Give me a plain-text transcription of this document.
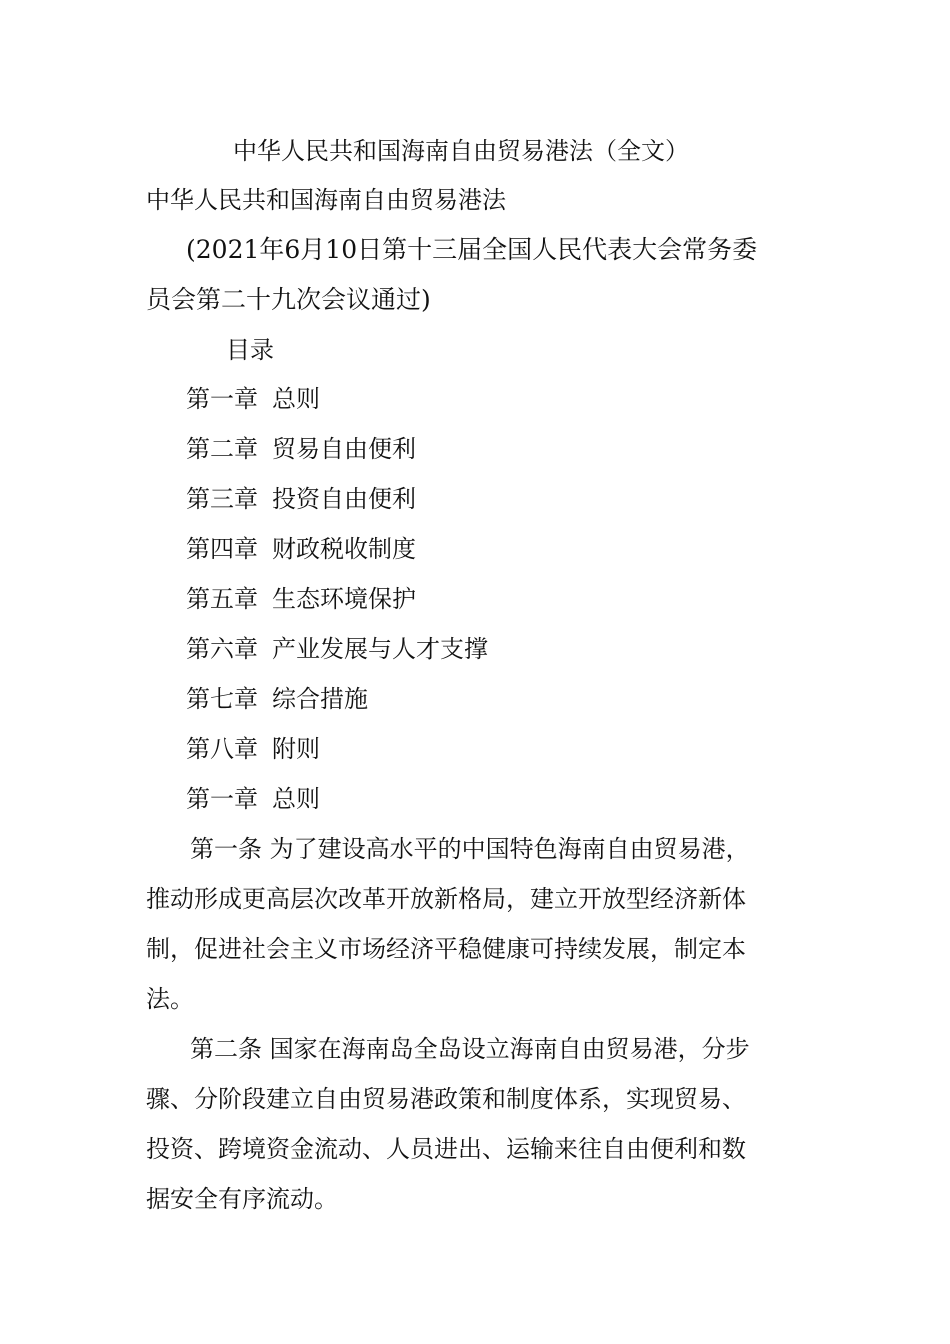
中华人民共和国海南自由贸易港法（全文）
中华人民共和国海南自由贸易港法
(2021年6月10日第十三届全国人民代表大会常务委
员会第二十九次会议通过)
目录
第一章 总则
第二章 贸易自由便利
第三章 投资自由便利
第四章 财政税收制度
第五章 生态环境保护
第六章 产业发展与人才支撑
第七章 综合措施
第八章 附则
第一章 总则
第一条 为了建设高水平的中国特色海南自由贸易港，
推动形成更高层次改革开放新格局，建立开放型经济新体
制，促进社会主义市场经济平稳健康可持续发展，制定本
法。
第二条 国家在海南岛全岛设立海南自由贸易港，分步
骤、分阶段建立自由贸易港政策和制度体系，实现贸易、
投资、跨境资金流动、人员进出、运输来往自由便利和数
据安全有序流动。
